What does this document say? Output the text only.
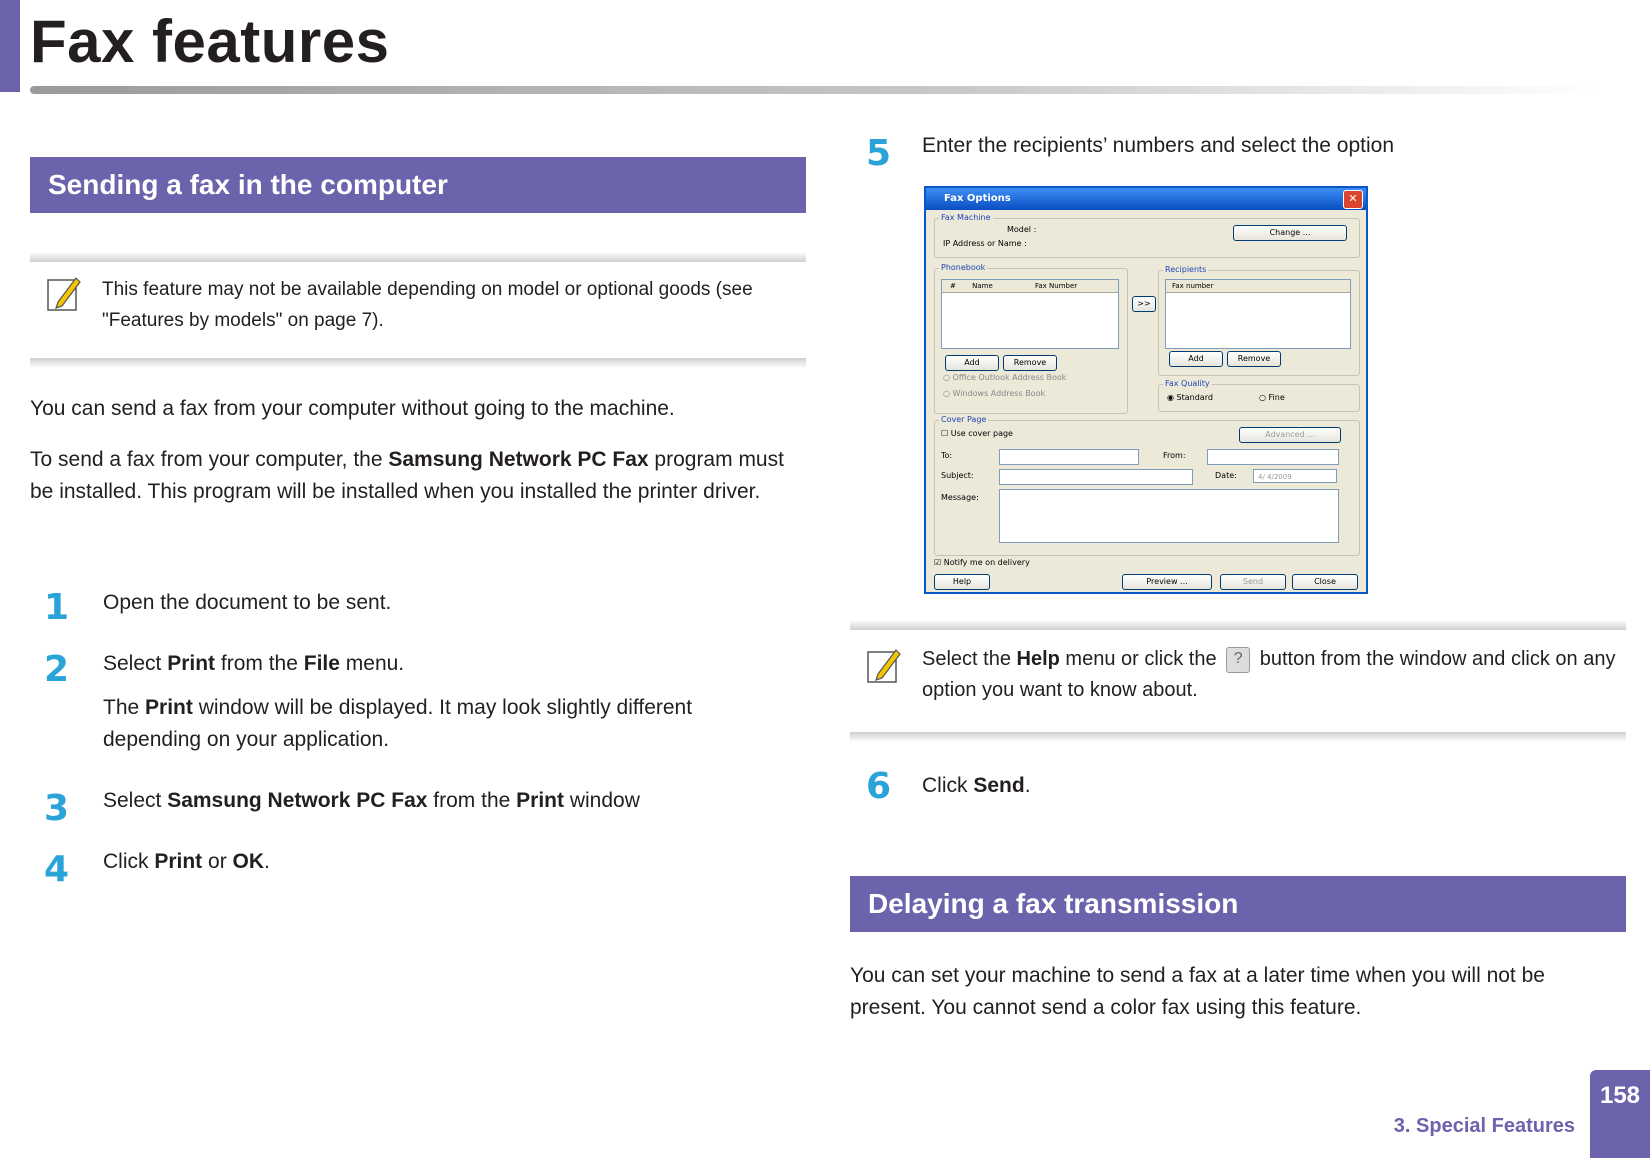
Fax features
Sending a fax in the computer
This feature may not be available depending on model or optional goods (see "Features by models" on page 7).
You can send a fax from your computer without going to the machine.
To send a fax from your computer, the Samsung Network PC Fax program must be installed. This program will be installed when you installed the printer driver.
1 Open the document to be sent.
2 Select Print from the File menu.
The Print window will be displayed. It may look slightly different depending on your application.
3 Select Samsung Network PC Fax from the Print window
4 Click Print or OK.
5 Enter the recipients’ numbers and select the option
Fax Options	✕
Fax Machine
Model :
IP Address or Name :
Change ...
Phonebook
# Name	Fax Number
Add	Remove
○ Office Outlook Address Book
○ Windows Address Book
>>
Recipients
Fax number
Add	Remove
Fax Quality
◉ Standard	○ Fine
Cover Page
☐ Use cover page	Advanced ...
To:	From:
Subject:	Date:	4/ 4/2009
Message:
☑ Notify me on delivery
Help	Preview ...	Send	Close
Select the Help menu or click the ? button from the window and click on any option you want to know about.
6 Click Send.
Delaying a fax transmission
You can set your machine to send a fax at a later time when you will not be present. You cannot send a color fax using this feature.
3. Special Features
158
